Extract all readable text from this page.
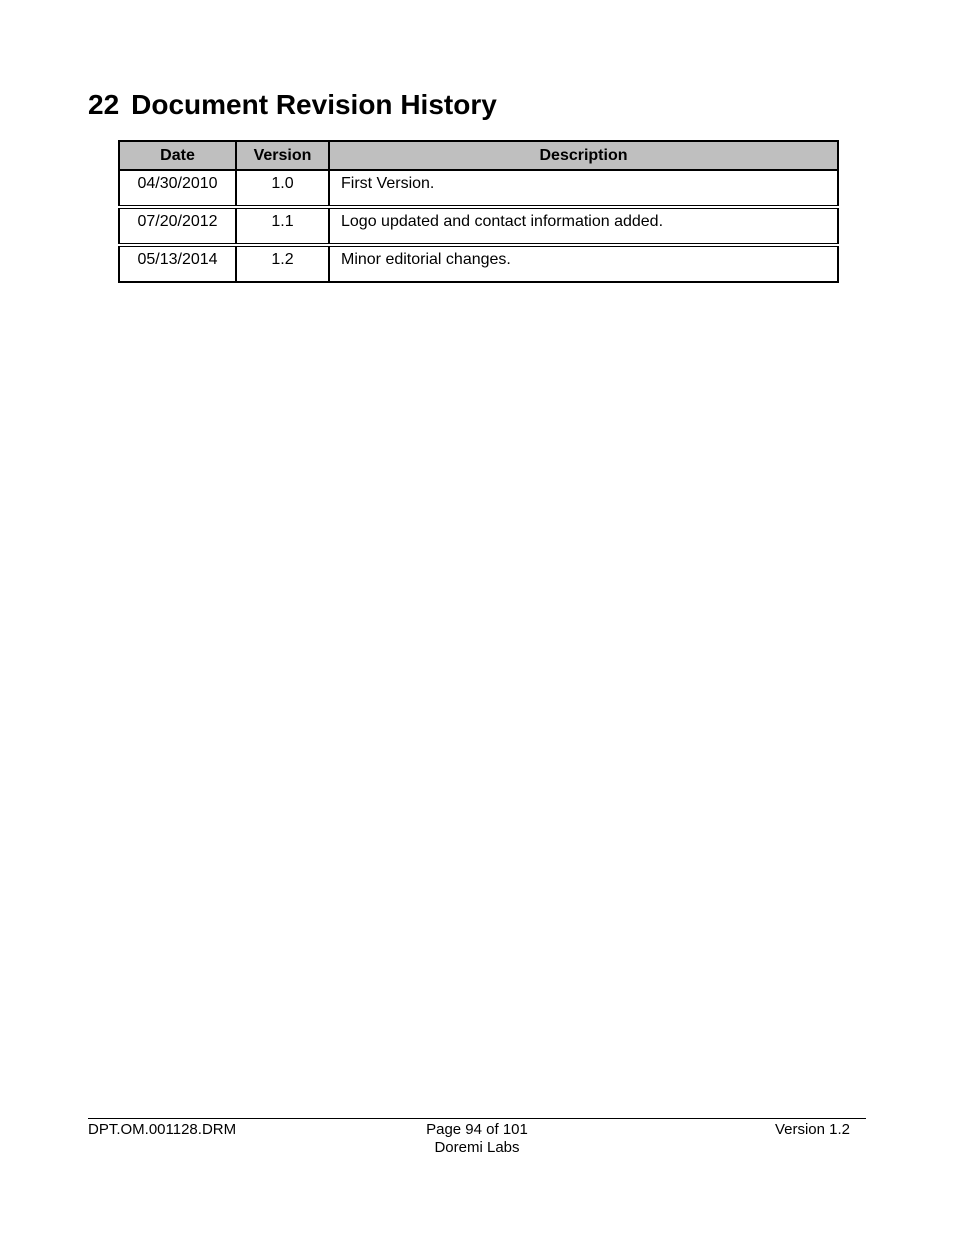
22 Document Revision History
Date	Version	Description
04/30/2010	1.0	First Version.
07/20/2012	1.1	Logo updated and contact information added.
05/13/2014	1.2	Minor editorial changes.
DPT.OM.001128.DRM	Page 94 of 101
Doremi Labs
Version 1.2
